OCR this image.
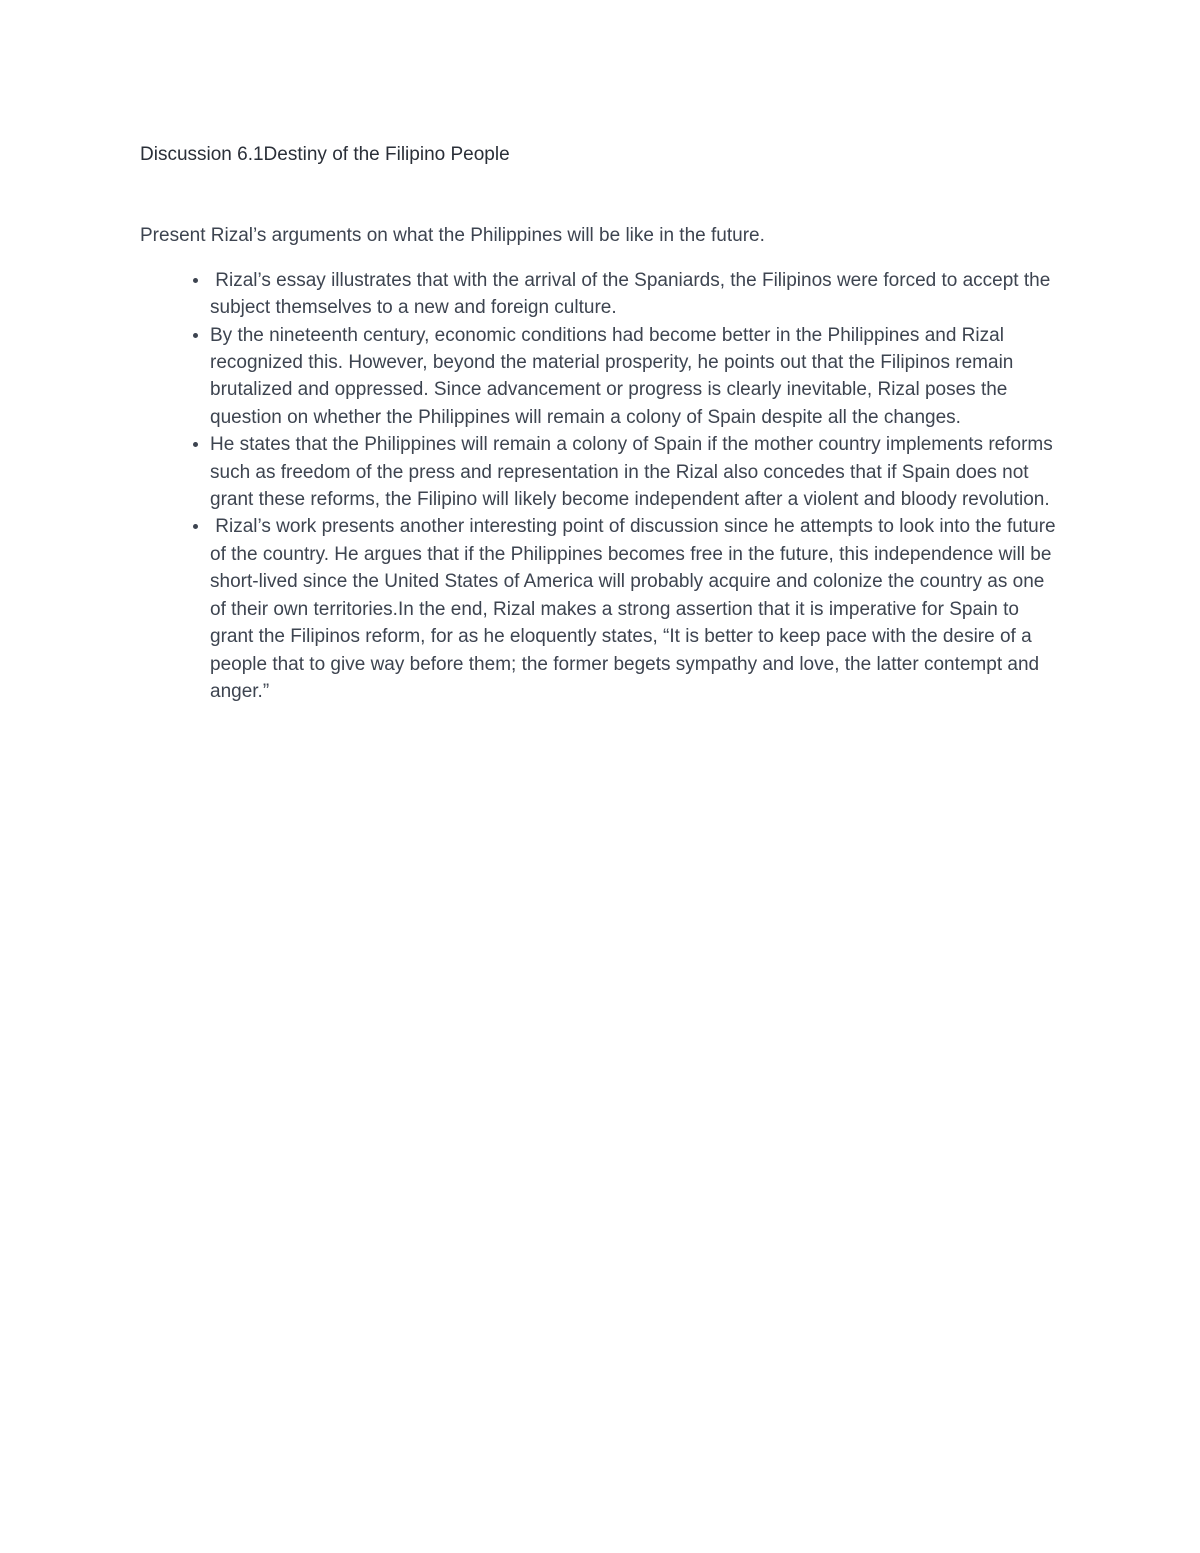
Discussion 6.1Destiny of the Filipino People

Present Rizal’s arguments on what the Philippines will be like in the future.

•  Rizal’s essay illustrates that with the arrival of the Spaniards, the Filipinos were forced to accept the subject themselves to a new and foreign culture.
• By the nineteenth century, economic conditions had become better in the Philippines and Rizal recognized this. However, beyond the material prosperity, he points out that the Filipinos remain brutalized and oppressed. Since advancement or progress is clearly inevitable, Rizal poses the question on whether the Philippines will remain a colony of Spain despite all the changes.
• He states that the Philippines will remain a colony of Spain if the mother country implements reforms such as freedom of the press and representation in the Rizal also concedes that if Spain does not grant these reforms, the Filipino will likely become independent after a violent and bloody revolution.
•  Rizal’s work presents another interesting point of discussion since he attempts to look into the future of the country. He argues that if the Philippines becomes free in the future, this independence will be short-lived since the United States of America will probably acquire and colonize the country as one of their own territories.In the end, Rizal makes a strong assertion that it is imperative for Spain to grant the Filipinos reform, for as he eloquently states, “It is better to keep pace with the desire of a people that to give way before them; the former begets sympathy and love, the latter contempt and anger.”
